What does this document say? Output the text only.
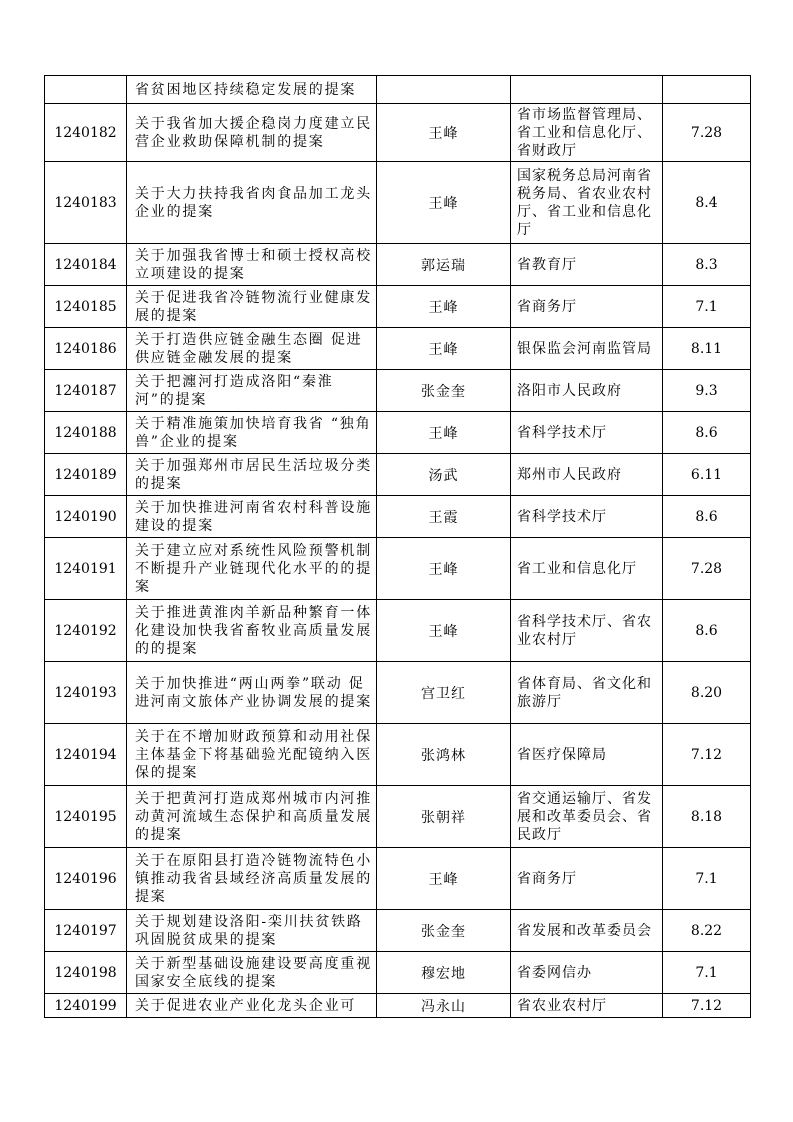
	省贫困地区持续稳定发展的提案			
1240182	关于我省加大援企稳岗力度建立民营企业救助保障机制的提案	王峰	省市场监督管理局、省工业和信息化厅、省财政厅	7.28
1240183	关于大力扶持我省肉食品加工龙头企业的提案	王峰	国家税务总局河南省税务局、省农业农村厅、省工业和信息化厅	8.4
1240184	关于加强我省博士和硕士授权高校立项建设的提案	郭运瑞	省教育厅	8.3
1240185	关于促进我省冷链物流行业健康发展的提案	王峰	省商务厅	7.1
1240186	关于打造供应链金融生态圈 促进供应链金融发展的提案	王峰	银保监会河南监管局	8.11
1240187	关于把瀍河打造成洛阳“秦淮河”的提案	张金奎	洛阳市人民政府	9.3
1240188	关于精准施策加快培育我省 “独角兽”企业的提案	王峰	省科学技术厅	8.6
1240189	关于加强郑州市居民生活垃圾分类的提案	汤武	郑州市人民政府	6.11
1240190	关于加快推进河南省农村科普设施建设的提案	王霞	省科学技术厅	8.6
1240191	关于建立应对系统性风险预警机制不断提升产业链现代化水平的的提案	王峰	省工业和信息化厅	7.28
1240192	关于推进黄淮肉羊新品种繁育一体化建设加快我省畜牧业高质量发展的的提案	王峰	省科学技术厅、省农业农村厅	8.6
1240193	关于加快推进“两山两拳”联动 促进河南文旅体产业协调发展的提案	宫卫红	省体育局、省文化和旅游厅	8.20
1240194	关于在不增加财政预算和动用社保主体基金下将基础验光配镜纳入医保的提案	张鸿林	省医疗保障局	7.12
1240195	关于把黄河打造成郑州城市内河推动黄河流域生态保护和高质量发展的提案	张朝祥	省交通运输厅、省发展和改革委员会、省民政厅	8.18
1240196	关于在原阳县打造冷链物流特色小镇推动我省县域经济高质量发展的提案	王峰	省商务厅	7.1
1240197	关于规划建设洛阳-栾川扶贫铁路巩固脱贫成果的提案	张金奎	省发展和改革委员会	8.22
1240198	关于新型基础设施建设要高度重视国家安全底线的提案	穆宏地	省委网信办	7.1
1240199	关于促进农业产业化龙头企业可	冯永山	省农业农村厅	7.12
